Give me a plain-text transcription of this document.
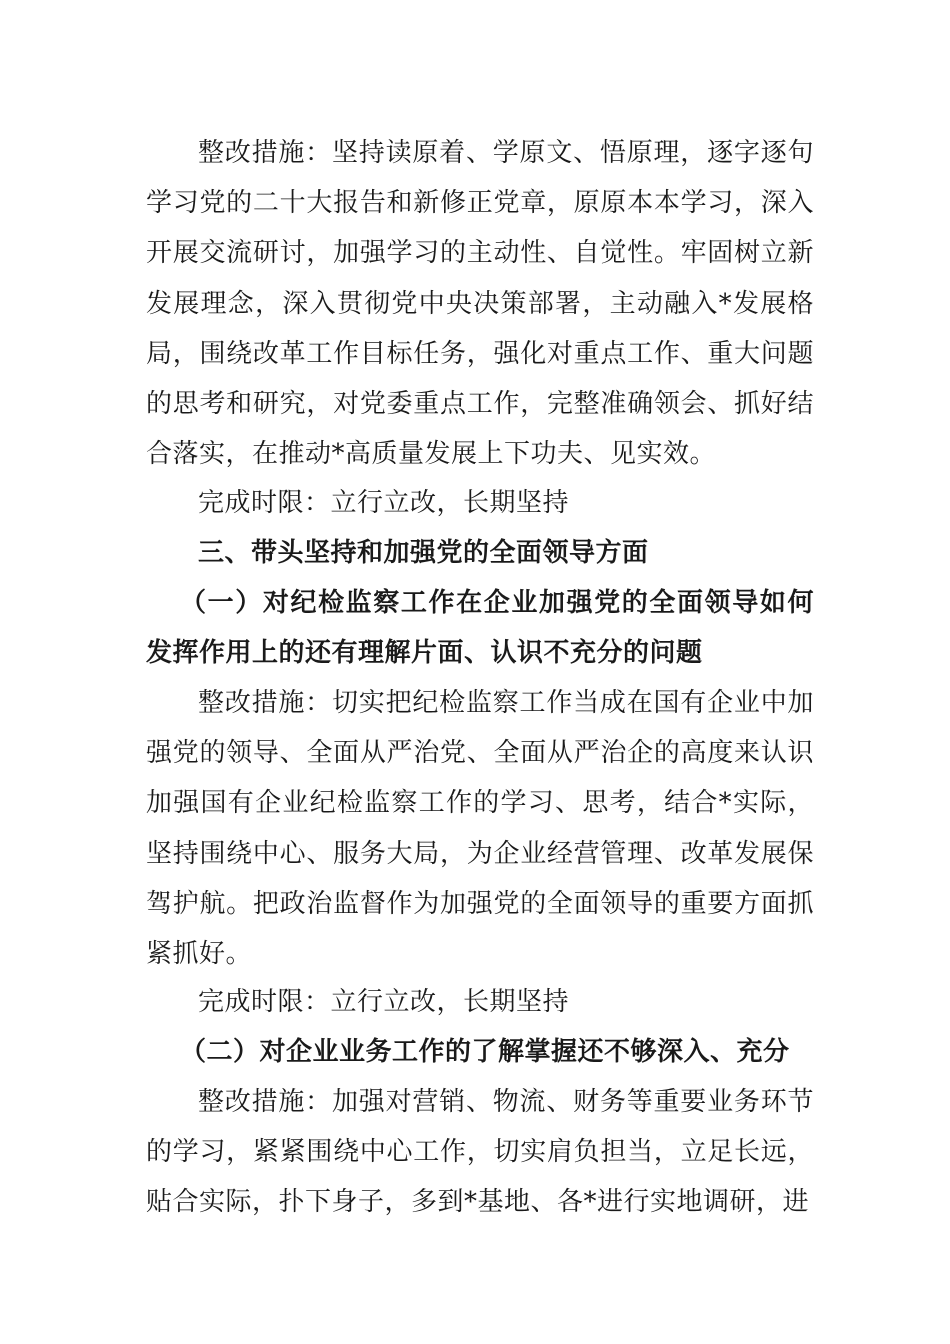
整改措施：坚持读原着、学原文、悟原理，逐字逐句学习党的二十大报告和新修正党章，原原本本学习，深入开展交流研讨，加强学习的主动性、自觉性。牢固树立新发展理念，深入贯彻党中央决策部署，主动融入*发展格局，围绕改革工作目标任务，强化对重点工作、重大问题的思考和研究，对党委重点工作，完整准确领会、抓好结合落实，在推动*高质量发展上下功夫、见实效。

完成时限：立行立改，长期坚持

三、带头坚持和加强党的全面领导方面

（一）对纪检监察工作在企业加强党的全面领导如何发挥作用上的还有理解片面、认识不充分的问题

整改措施：切实把纪检监察工作当成在国有企业中加强党的领导、全面从严治党、全面从严治企的高度来认识加强国有企业纪检监察工作的学习、思考，结合*实际，坚持围绕中心、服务大局，为企业经营管理、改革发展保驾护航。把政治监督作为加强党的全面领导的重要方面抓紧抓好。

完成时限：立行立改，长期坚持

（二）对企业业务工作的了解掌握还不够深入、充分

整改措施：加强对营销、物流、财务等重要业务环节的学习，紧紧围绕中心工作，切实肩负担当，立足长远，贴合实际，扑下身子，多到*基地、各*进行实地调研，进
